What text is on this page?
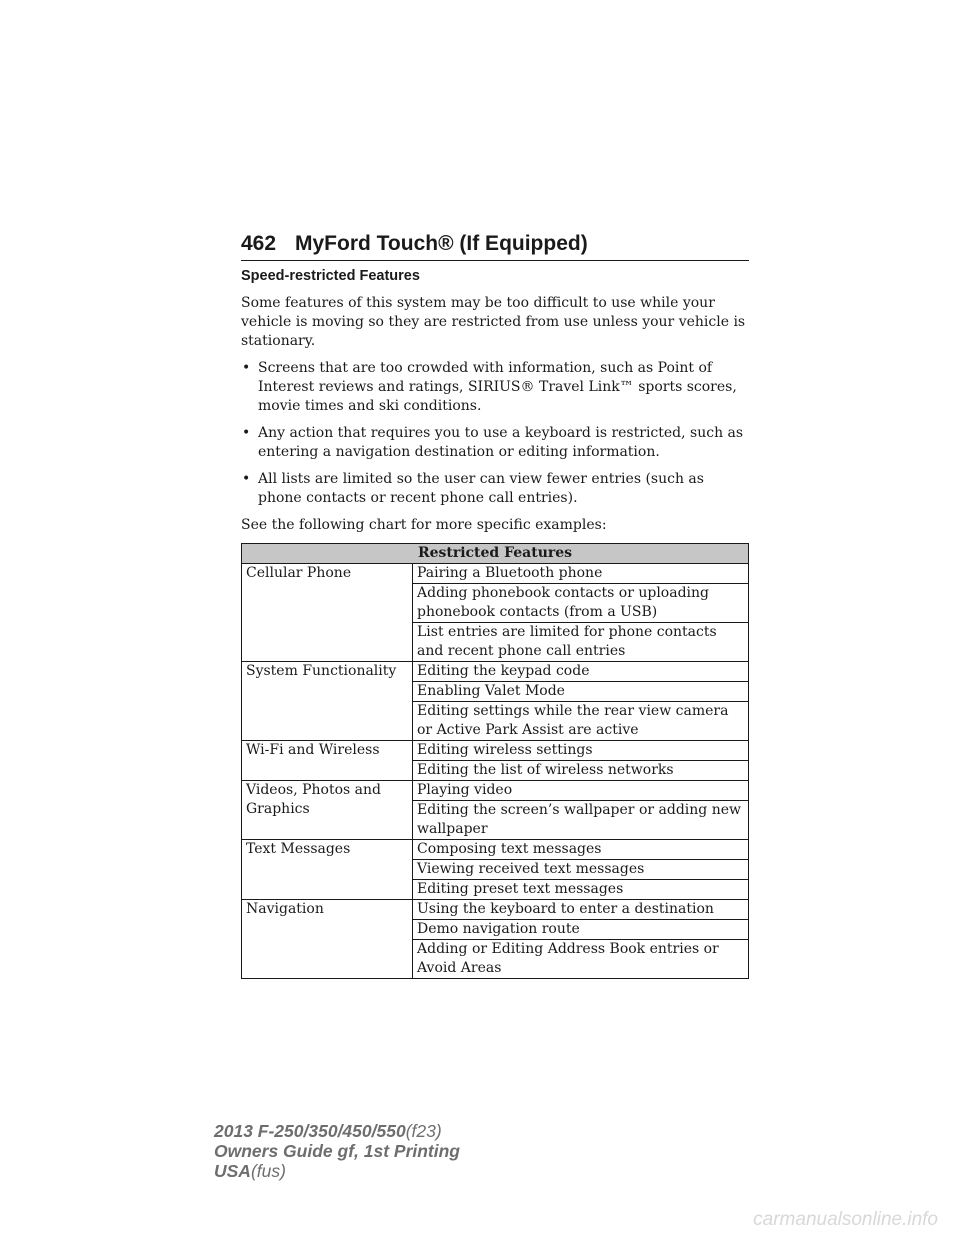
462 MyFord Touch® (If Equipped)
Speed-restricted Features

Some features of this system may be too difficult to use while your vehicle is moving so they are restricted from use unless your vehicle is stationary.

• Screens that are too crowded with information, such as Point of Interest reviews and ratings, SIRIUS® Travel Link™ sports scores, movie times and ski conditions.
• Any action that requires you to use a keyboard is restricted, such as entering a navigation destination or editing information.
• All lists are limited so the user can view fewer entries (such as phone contacts or recent phone call entries).

See the following chart for more specific examples:

Restricted Features	
Cellular Phone	Pairing a Bluetooth phone
	Adding phonebook contacts or uploading phonebook contacts (from a USB)
	List entries are limited for phone contacts and recent phone call entries
System Functionality	Editing the keypad code
	Enabling Valet Mode
	Editing settings while the rear view camera or Active Park Assist are active
Wi-Fi and Wireless	Editing wireless settings
	Editing the list of wireless networks
Videos, Photos and Graphics	Playing video
	Editing the screen’s wallpaper or adding new wallpaper
Text Messages	Composing text messages
	Viewing received text messages
	Editing preset text messages
Navigation	Using the keyboard to enter a destination
	Demo navigation route
	Adding or Editing Address Book entries or Avoid Areas
2013 F-250/350/450/550(f23)
Owners Guide gf, 1st Printing
USA(fus)
carmanualsonline.info
